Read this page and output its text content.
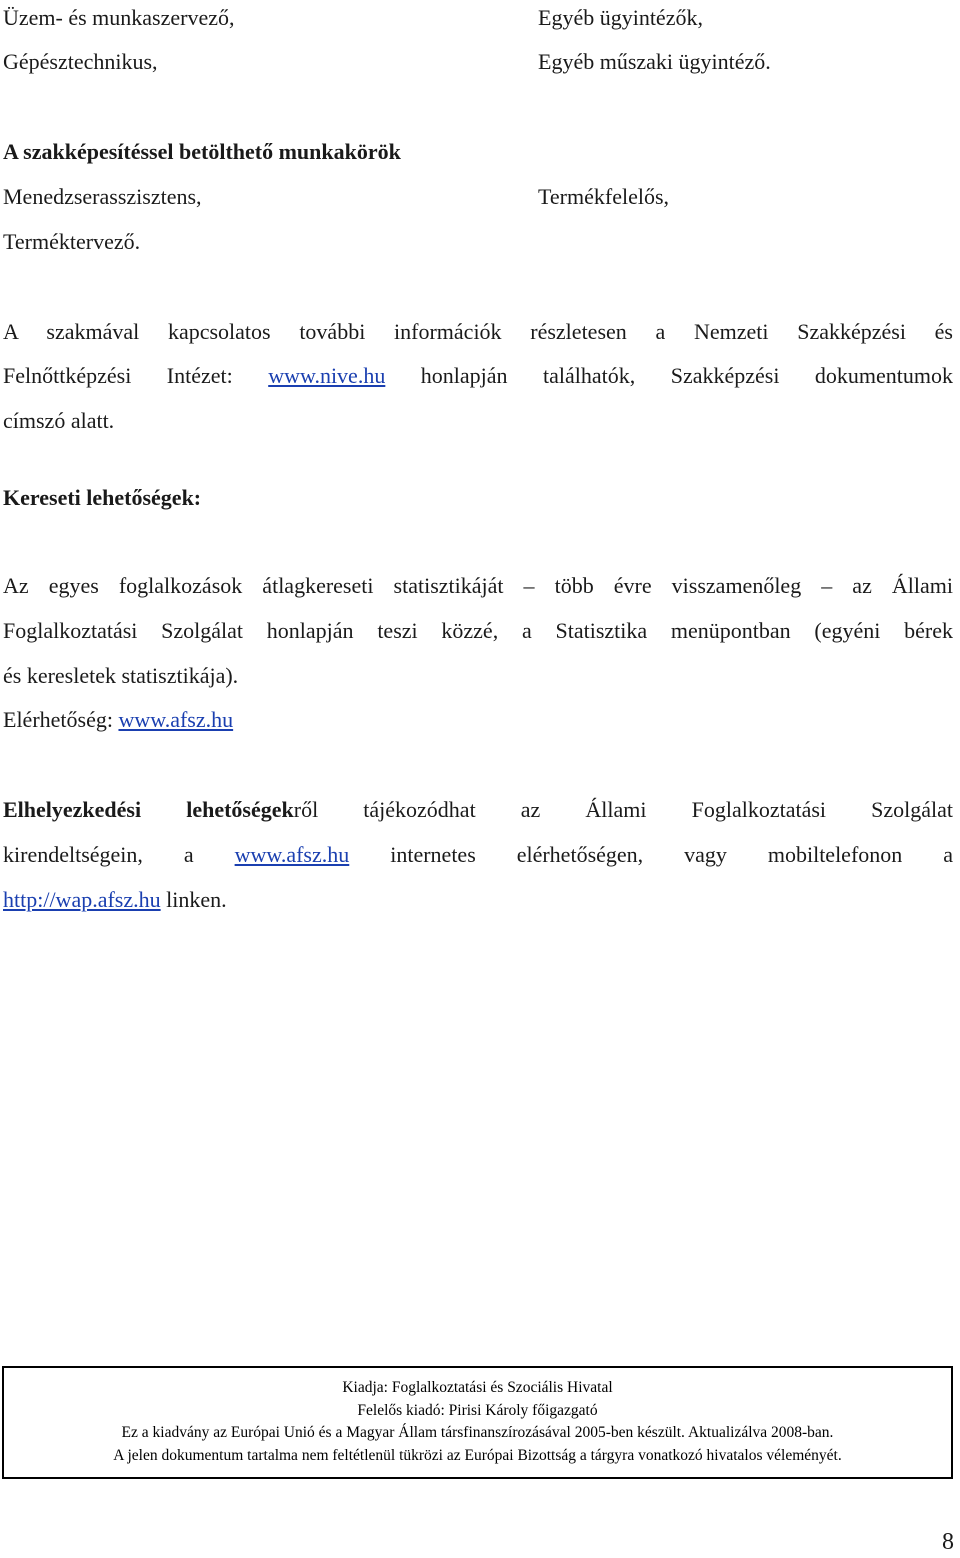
Üzem- és munkaszervező,	Egyéb ügyintézők,
Gépésztechnikus,	Egyéb műszaki ügyintéző.
A szakképesítéssel betölthető munkakörök
Menedzserasszisztens,	Termékfelelős,
Terméktervező.
A szakmával kapcsolatos további információk részletesen a Nemzeti Szakképzési és
Felnőttképzési Intézet: www.nive.hu honlapján találhatók, Szakképzési dokumentumok
címszó alatt.
Kereseti lehetőségek:
Az egyes foglalkozások átlagkereseti statisztikáját – több évre visszamenőleg – az Állami
Foglalkoztatási Szolgálat honlapján teszi közzé, a Statisztika menüpontban (egyéni bérek
és keresletek statisztikája).
Elérhetőség: www.afsz.hu
Elhelyezkedési lehetőségekről tájékozódhat az Állami Foglalkoztatási Szolgálat
kirendeltségein, a www.afsz.hu internetes elérhetőségen, vagy mobiltelefonon a
http://wap.afsz.hu linken.
Kiadja: Foglalkoztatási és Szociális Hivatal
Felelős kiadó: Pirisi Károly főigazgató
Ez a kiadvány az Európai Unió és a Magyar Állam társfinanszírozásával 2005-ben készült. Aktualizálva 2008-ban.
A jelen dokumentum tartalma nem feltétlenül tükrözi az Európai Bizottság a tárgyra vonatkozó hivatalos véleményét.
8
